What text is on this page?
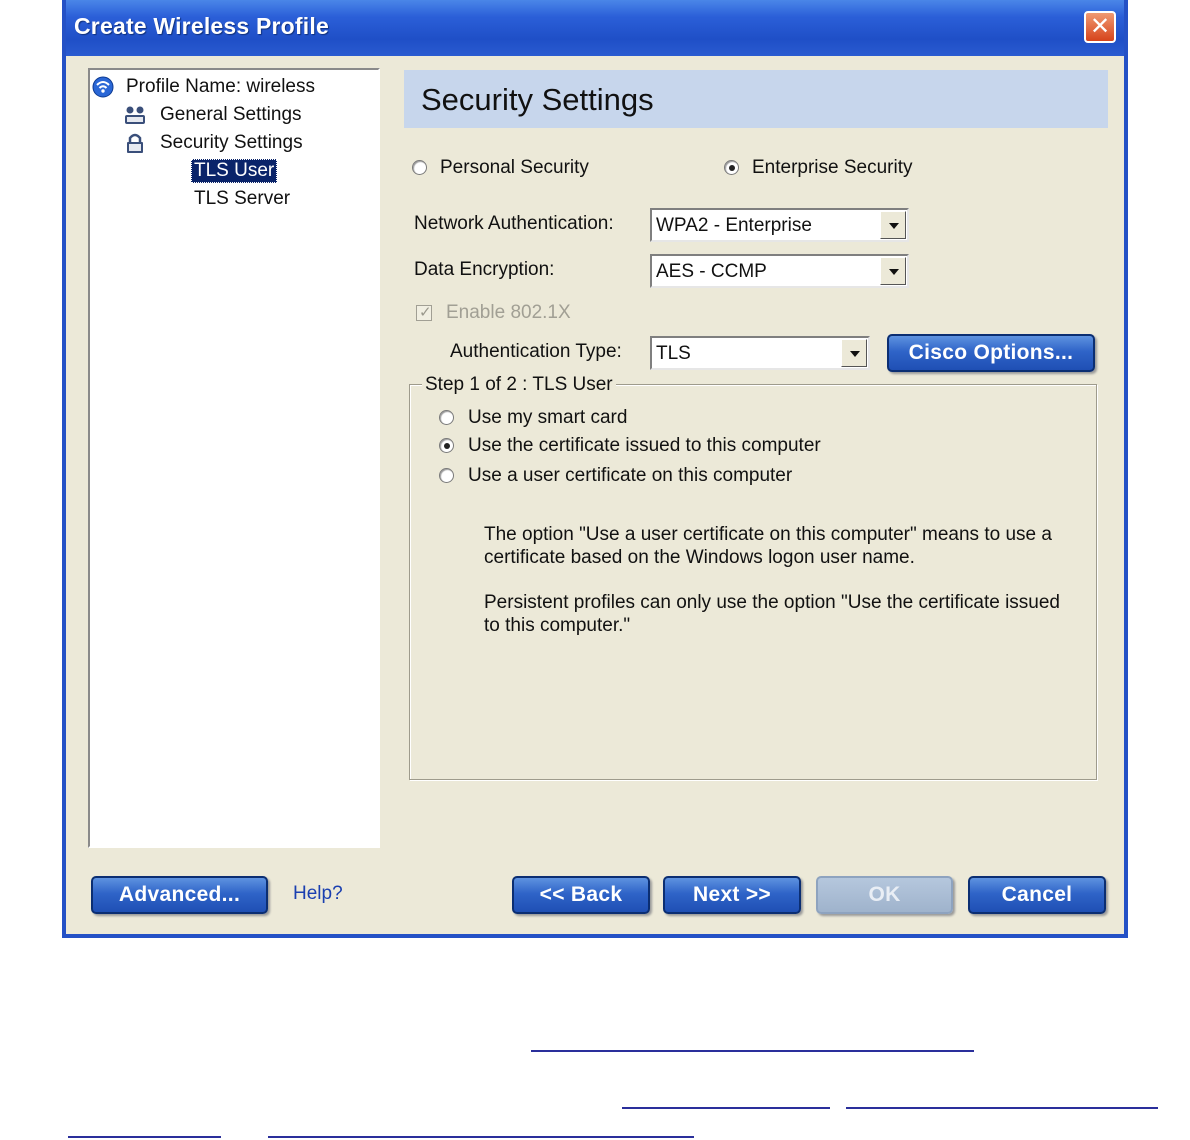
Create Wireless Profile	✕
Profile Name: wireless
General Settings
Security Settings
TLS User
TLS Server
Security Settings
Personal Security	Enterprise Security
Network Authentication: WPA2 - Enterprise
Data Encryption:	AES - CCMP
✓ Enable 802.1X
Authentication Type: TLS	Cisco Options...
Step 1 of 2 : TLS User
Use my smart card
Use the certificate issued to this computer
Use a user certificate on this computer
The option "Use a user certificate on this computer" means to use a certificate based on the Windows logon user name.
Persistent profiles can only use the option "Use the certificate issued to this computer."
Advanced...	Help?	<< Back	Next >>	OK	Cancel
